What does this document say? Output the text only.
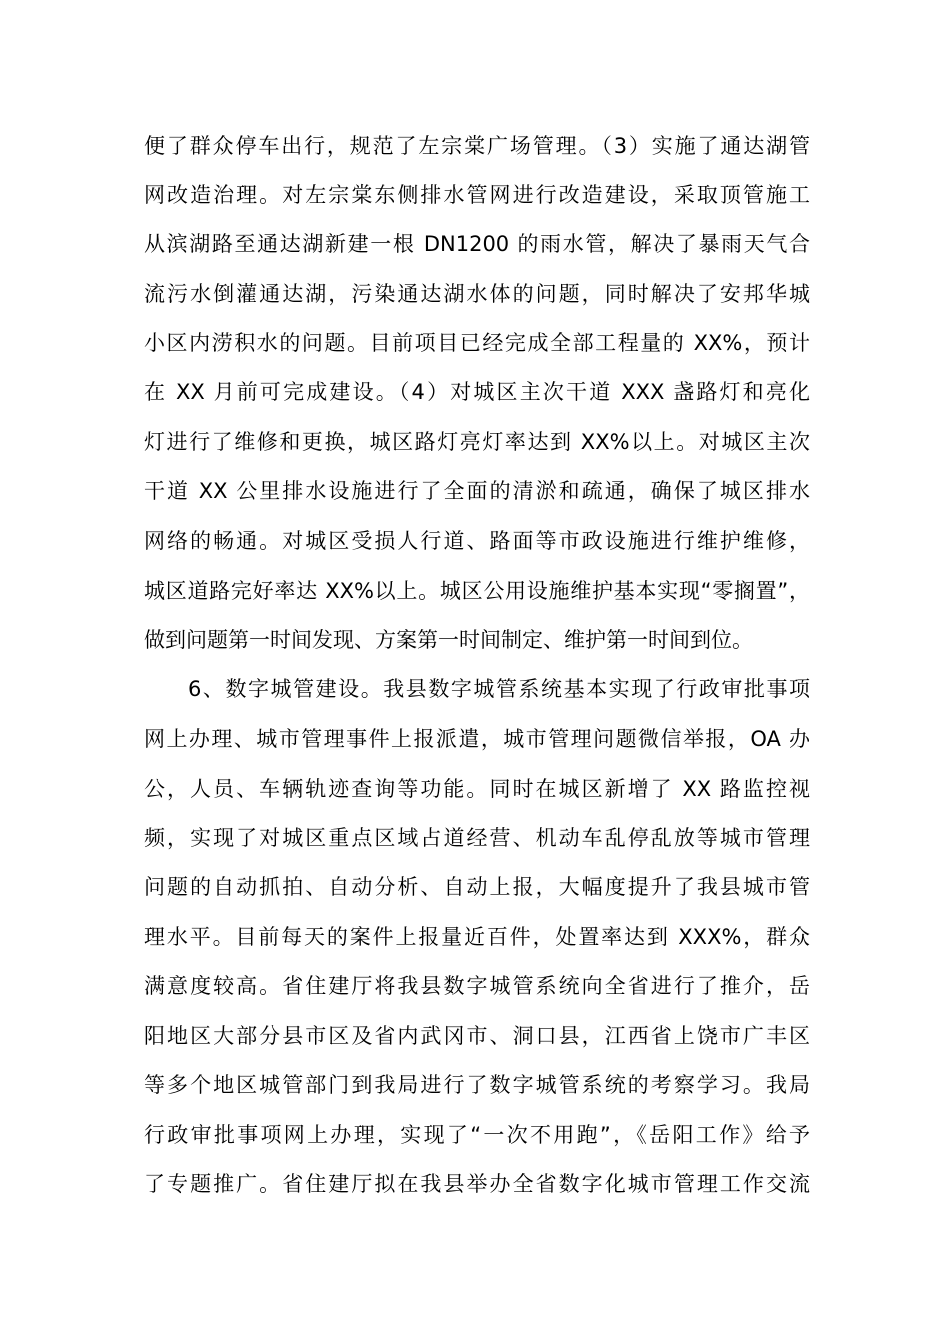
便了群众停车出行，规范了左宗棠广场管理。（3）实施了通达湖管
网改造治理。对左宗棠东侧排水管网进行改造建设，采取顶管施工
从滨湖路至通达湖新建一根 DN1200 的雨水管，解决了暴雨天气合
流污水倒灌通达湖，污染通达湖水体的问题，同时解决了安邦华城
小区内涝积水的问题。目前项目已经完成全部工程量的 XX%，预计
在 XX 月前可完成建设。（4）对城区主次干道 XXX 盏路灯和亮化
灯进行了维修和更换，城区路灯亮灯率达到 XX%以上。对城区主次
干道 XX 公里排水设施进行了全面的清淤和疏通，确保了城区排水
网络的畅通。对城区受损人行道、路面等市政设施进行维护维修，
城区道路完好率达 XX%以上。城区公用设施维护基本实现“零搁置”，
做到问题第一时间发现、方案第一时间制定、维护第一时间到位。
6、数字城管建设。我县数字城管系统基本实现了行政审批事项
网上办理、城市管理事件上报派遣，城市管理问题微信举报，OA 办
公，人员、车辆轨迹查询等功能。同时在城区新增了 XX 路监控视
频，实现了对城区重点区域占道经营、机动车乱停乱放等城市管理
问题的自动抓拍、自动分析、自动上报，大幅度提升了我县城市管
理水平。目前每天的案件上报量近百件，处置率达到 XXX%，群众
满意度较高。省住建厅将我县数字城管系统向全省进行了推介，岳
阳地区大部分县市区及省内武冈市、洞口县，江西省上饶市广丰区
等多个地区城管部门到我局进行了数字城管系统的考察学习。我局
行政审批事项网上办理，实现了“一次不用跑”，《岳阳工作》给予
了专题推广。省住建厅拟在我县举办全省数字化城市管理工作交流
